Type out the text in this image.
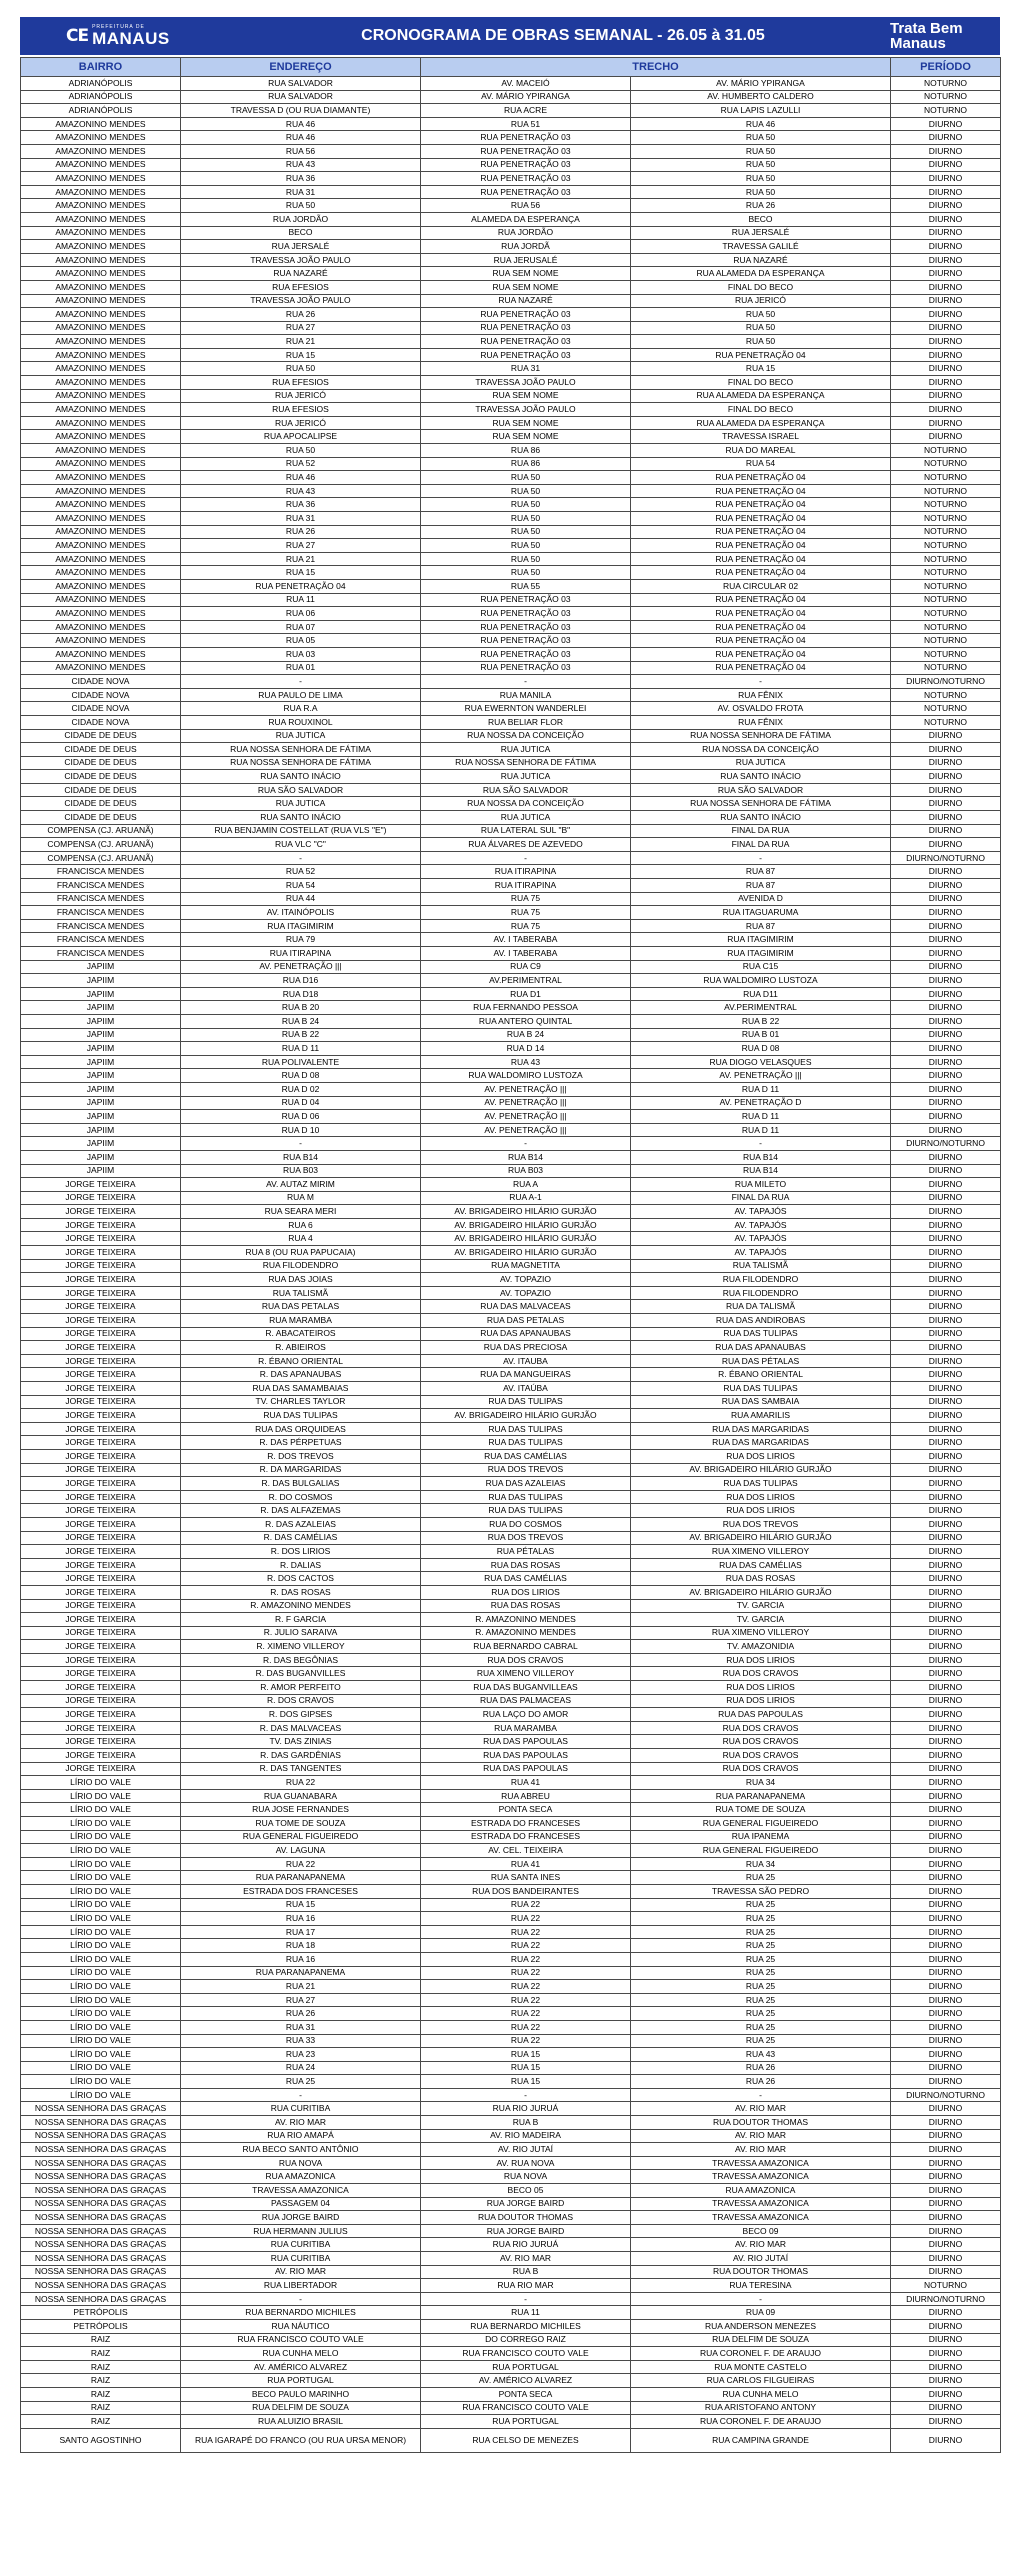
CE PREFEITURA DE
MANAUS	CRONOGRAMA DE OBRAS SEMANAL - 26.05 à 31.05	Trata Bem Manaus
BAIRRO	ENDEREÇO	TRECHO		PERÍODO
ADRIANÓPOLIS	RUA SALVADOR	AV. MACEIÓ	AV. MÁRIO YPIRANGA	NOTURNO
ADRIANÓPOLIS	RUA SALVADOR	AV. MÁRIO YPIRANGA	AV. HUMBERTO CALDERO	NOTURNO
ADRIANÓPOLIS	TRAVESSA D (OU RUA DIAMANTE)	RUA ACRE	RUA LAPIS LAZULLI	NOTURNO
AMAZONINO MENDES	RUA 46	RUA 51	RUA 46	DIURNO
AMAZONINO MENDES	RUA 46	RUA PENETRAÇÃO 03	RUA 50	DIURNO
AMAZONINO MENDES	RUA 56	RUA PENETRAÇÃO 03	RUA 50	DIURNO
AMAZONINO MENDES	RUA 43	RUA PENETRAÇÃO 03	RUA 50	DIURNO
AMAZONINO MENDES	RUA 36	RUA PENETRAÇÃO 03	RUA 50	DIURNO
AMAZONINO MENDES	RUA 31	RUA PENETRAÇÃO 03	RUA 50	DIURNO
AMAZONINO MENDES	RUA 50	RUA 56	RUA 26	DIURNO
AMAZONINO MENDES	RUA JORDÃO	ALAMEDA DA ESPERANÇA	BECO	DIURNO
AMAZONINO MENDES	BECO	RUA JORDÃO	RUA JERSALÉ	DIURNO
AMAZONINO MENDES	RUA JERSALÉ	RUA JORDÃ	TRAVESSA GALILÉ	DIURNO
AMAZONINO MENDES	TRAVESSA JOÃO PAULO	RUA JERUSALÉ	RUA NAZARÉ	DIURNO
AMAZONINO MENDES	RUA NAZARÉ	RUA SEM NOME	RUA ALAMEDA DA ESPERANÇA	DIURNO
AMAZONINO MENDES	RUA EFESIOS	RUA SEM NOME	FINAL DO BECO	DIURNO
AMAZONINO MENDES	TRAVESSA JOÃO PAULO	RUA NAZARÉ	RUA JERICÓ	DIURNO
AMAZONINO MENDES	RUA 26	RUA PENETRAÇÃO 03	RUA 50	DIURNO
AMAZONINO MENDES	RUA 27	RUA PENETRAÇÃO 03	RUA 50	DIURNO
AMAZONINO MENDES	RUA 21	RUA PENETRAÇÃO 03	RUA 50	DIURNO
AMAZONINO MENDES	RUA 15	RUA PENETRAÇÃO 03	RUA PENETRAÇÃO 04	DIURNO
AMAZONINO MENDES	RUA 50	RUA 31	RUA 15	DIURNO
AMAZONINO MENDES	RUA EFESIOS	TRAVESSA JOÃO PAULO	FINAL DO BECO	DIURNO
AMAZONINO MENDES	RUA JERICÓ	RUA SEM NOME	RUA ALAMEDA DA ESPERANÇA	DIURNO
AMAZONINO MENDES	RUA EFESIOS	TRAVESSA JOÃO PAULO	FINAL DO BECO	DIURNO
AMAZONINO MENDES	RUA JERICÓ	RUA SEM NOME	RUA ALAMEDA DA ESPERANÇA	DIURNO
AMAZONINO MENDES	RUA APOCALIPSE	RUA SEM NOME	TRAVESSA ISRAEL	DIURNO
AMAZONINO MENDES	RUA 50	RUA 86	RUA DO MAREAL	NOTURNO
AMAZONINO MENDES	RUA 52	RUA 86	RUA 54	NOTURNO
AMAZONINO MENDES	RUA 46	RUA 50	RUA PENETRAÇÃO 04	NOTURNO
AMAZONINO MENDES	RUA 43	RUA 50	RUA PENETRAÇÃO 04	NOTURNO
AMAZONINO MENDES	RUA 36	RUA 50	RUA PENETRAÇÃO 04	NOTURNO
AMAZONINO MENDES	RUA 31	RUA 50	RUA PENETRAÇÃO 04	NOTURNO
AMAZONINO MENDES	RUA 26	RUA 50	RUA PENETRAÇÃO 04	NOTURNO
AMAZONINO MENDES	RUA 27	RUA 50	RUA PENETRAÇÃO 04	NOTURNO
AMAZONINO MENDES	RUA 21	RUA 50	RUA PENETRAÇÃO 04	NOTURNO
AMAZONINO MENDES	RUA 15	RUA 50	RUA PENETRAÇÃO 04	NOTURNO
AMAZONINO MENDES	RUA PENETRAÇÃO 04	RUA 55	RUA CIRCULAR 02	NOTURNO
AMAZONINO MENDES	RUA 11	RUA PENETRAÇÃO 03	RUA PENETRAÇÃO 04	NOTURNO
AMAZONINO MENDES	RUA 06	RUA PENETRAÇÃO 03	RUA PENETRAÇÃO 04	NOTURNO
AMAZONINO MENDES	RUA 07	RUA PENETRAÇÃO 03	RUA PENETRAÇÃO 04	NOTURNO
AMAZONINO MENDES	RUA 05	RUA PENETRAÇÃO 03	RUA PENETRAÇÃO 04	NOTURNO
AMAZONINO MENDES	RUA 03	RUA PENETRAÇÃO 03	RUA PENETRAÇÃO 04	NOTURNO
AMAZONINO MENDES	RUA 01	RUA PENETRAÇÃO 03	RUA PENETRAÇÃO 04	NOTURNO
CIDADE NOVA	-	-	-	DIURNO/NOTURNO
CIDADE NOVA	RUA PAULO DE LIMA	RUA MANILA	RUA FÊNIX	NOTURNO
CIDADE NOVA	RUA R.A	RUA EWERNTON WANDERLEI	AV. OSVALDO FROTA	NOTURNO
CIDADE NOVA	RUA ROUXINOL	RUA BELIAR FLOR	RUA FÊNIX	NOTURNO
CIDADE DE DEUS	RUA JUTICA	RUA NOSSA DA CONCEIÇÃO	RUA NOSSA SENHORA DE FÁTIMA	DIURNO
CIDADE DE DEUS	RUA NOSSA SENHORA DE FÁTIMA	RUA JUTICA	RUA NOSSA DA CONCEIÇÃO	DIURNO
CIDADE DE DEUS	RUA NOSSA SENHORA DE FÁTIMA	RUA NOSSA SENHORA DE FÁTIMA	RUA JUTICA	DIURNO
CIDADE DE DEUS	RUA SANTO INÁCIO	RUA JUTICA	RUA SANTO INÁCIO	DIURNO
CIDADE DE DEUS	RUA SÃO SALVADOR	RUA SÃO SALVADOR	RUA SÃO SALVADOR	DIURNO
CIDADE DE DEUS	RUA JUTICA	RUA NOSSA DA CONCEIÇÃO	RUA NOSSA SENHORA DE FÁTIMA	DIURNO
CIDADE DE DEUS	RUA SANTO INÁCIO	RUA JUTICA	RUA SANTO INÁCIO	DIURNO
COMPENSA (CJ. ARUANÃ)	RUA BENJAMIN COSTELLAT (RUA VLS "E")	RUA LATERAL SUL "B"	FINAL DA RUA	DIURNO
COMPENSA (CJ. ARUANÃ)	RUA VLC "C"	RUA ÁLVARES DE AZEVEDO	FINAL DA RUA	DIURNO
COMPENSA (CJ. ARUANÃ)	-	-	-	DIURNO/NOTURNO
FRANCISCA MENDES	RUA 52	RUA ITIRAPINA	RUA 87	DIURNO
FRANCISCA MENDES	RUA 54	RUA ITIRAPINA	RUA 87	DIURNO
FRANCISCA MENDES	RUA 44	RUA 75	AVENIDA D	DIURNO
FRANCISCA MENDES	AV. ITAINÓPOLIS	RUA 75	RUA ITAGUARUMA	DIURNO
FRANCISCA MENDES	RUA ITAGIMIRIM	RUA 75	RUA 87	DIURNO
FRANCISCA MENDES	RUA 79	AV. I TABERABA	RUA ITAGIMIRIM	DIURNO
FRANCISCA MENDES	RUA ITIRAPINA	AV. I TABERABA	RUA ITAGIMIRIM	DIURNO
JAPIIM	AV. PENETRAÇÃO |||	RUA C9	RUA C15	DIURNO
JAPIIM	RUA D16	AV.PERIMENTRAL	RUA WALDOMIRO LUSTOZA	DIURNO
JAPIIM	RUA D18	RUA D1	RUA D11	DIURNO
JAPIIM	RUA B 20	RUA FERNANDO PESSOA	AV.PERIMENTRAL	DIURNO
JAPIIM	RUA B 24	RUA ANTERO QUINTAL	RUA B 22	DIURNO
JAPIIM	RUA B 22	RUA B 24	RUA B 01	DIURNO
JAPIIM	RUA D 11	RUA D 14	RUA D 08	DIURNO
JAPIIM	RUA POLIVALENTE	RUA 43	RUA DIOGO VELASQUES	DIURNO
JAPIIM	RUA D 08	RUA WALDOMIRO LUSTOZA	AV. PENETRAÇÃO |||	DIURNO
JAPIIM	RUA D 02	AV. PENETRAÇÃO |||	RUA D 11	DIURNO
JAPIIM	RUA D 04	AV. PENETRAÇÃO |||	AV. PENETRAÇÃO D	DIURNO
JAPIIM	RUA D 06	AV. PENETRAÇÃO |||	RUA D 11	DIURNO
JAPIIM	RUA D 10	AV. PENETRAÇÃO |||	RUA D 11	DIURNO
JAPIIM	-	-	-	DIURNO/NOTURNO
JAPIIM	RUA B14	RUA B14	RUA B14	DIURNO
JAPIIM	RUA B03	RUA B03	RUA B14	DIURNO
JORGE TEIXEIRA	AV. AUTAZ MIRIM	RUA A	RUA MILETO	DIURNO
JORGE TEIXEIRA	RUA M	RUA A-1	FINAL DA RUA	DIURNO
JORGE TEIXEIRA	RUA SEARA MERI	AV. BRIGADEIRO HILÁRIO GURJÃO	AV. TAPAJÓS	DIURNO
JORGE TEIXEIRA	RUA 6	AV. BRIGADEIRO HILÁRIO GURJÃO	AV. TAPAJÓS	DIURNO
JORGE TEIXEIRA	RUA 4	AV. BRIGADEIRO HILÁRIO GURJÃO	AV. TAPAJÓS	DIURNO
JORGE TEIXEIRA	RUA 8 (OU RUA PAPUCAIA)	AV. BRIGADEIRO HILÁRIO GURJÃO	AV. TAPAJÓS	DIURNO
JORGE TEIXEIRA	RUA FILODENDRO	RUA MAGNETITA	RUA TALISMÃ	DIURNO
JORGE TEIXEIRA	RUA DAS JOIAS	AV. TOPAZIO	RUA FILODENDRO	DIURNO
JORGE TEIXEIRA	RUA TALISMÃ	AV. TOPAZIO	RUA FILODENDRO	DIURNO
JORGE TEIXEIRA	RUA DAS PETALAS	RUA DAS MALVACEAS	RUA DA TALISMÃ	DIURNO
JORGE TEIXEIRA	RUA MARAMBA	RUA DAS PETALAS	RUA DAS ANDIROBAS	DIURNO
JORGE TEIXEIRA	R. ABACATEIROS	RUA DAS APANAUBAS	RUA DAS TULIPAS	DIURNO
JORGE TEIXEIRA	R. ABIEIROS	RUA DAS PRECIOSA	RUA DAS APANAUBAS	DIURNO
JORGE TEIXEIRA	R. ÉBANO ORIENTAL	AV. ITAUBA	RUA DAS PÉTALAS	DIURNO
JORGE TEIXEIRA	R. DAS APANAUBAS	RUA DA MANGUEIRAS	R. ÉBANO ORIENTAL	DIURNO
JORGE TEIXEIRA	RUA DAS SAMAMBAIAS	AV. ITAÚBA	RUA DAS TULIPAS	DIURNO
JORGE TEIXEIRA	TV. CHARLES TAYLOR	RUA DAS TULIPAS	RUA DAS SAMBAIA	DIURNO
JORGE TEIXEIRA	RUA DAS TULIPAS	AV. BRIGADEIRO HILÁRIO GURJÃO	RUA AMARILIS	DIURNO
JORGE TEIXEIRA	RUA DAS ORQUIDEAS	RUA DAS TULIPAS	RUA DAS MARGARIDAS	DIURNO
JORGE TEIXEIRA	R. DAS PÉRPETUAS	RUA DAS TULIPAS	RUA DAS MARGARIDAS	DIURNO
JORGE TEIXEIRA	R. DOS TREVOS	RUA DAS CAMÉLIAS	RUA DOS LIRIOS	DIURNO
JORGE TEIXEIRA	R. DA MARGARIDAS	RUA DOS TREVOS	AV. BRIGADEIRO HILÁRIO GURJÃO	DIURNO
JORGE TEIXEIRA	R. DAS BULGALIAS	RUA DAS AZALEIAS	RUA DAS TULIPAS	DIURNO
JORGE TEIXEIRA	R. DO COSMOS	RUA DAS TULIPAS	RUA DOS LIRIOS	DIURNO
JORGE TEIXEIRA	R. DAS ALFAZEMAS	RUA DAS TULIPAS	RUA DOS LIRIOS	DIURNO
JORGE TEIXEIRA	R. DAS AZALEIAS	RUA DO COSMOS	RUA DOS TREVOS	DIURNO
JORGE TEIXEIRA	R. DAS CAMÉLIAS	RUA DOS TREVOS	AV. BRIGADEIRO HILÁRIO GURJÃO	DIURNO
JORGE TEIXEIRA	R. DOS LIRIOS	RUA PÉTALAS	RUA XIMENO VILLEROY	DIURNO
JORGE TEIXEIRA	R. DALIAS	RUA DAS ROSAS	RUA DAS CAMÉLIAS	DIURNO
JORGE TEIXEIRA	R. DOS CACTOS	RUA DAS CAMÉLIAS	RUA DAS ROSAS	DIURNO
JORGE TEIXEIRA	R. DAS ROSAS	RUA DOS LIRIOS	AV. BRIGADEIRO HILÁRIO GURJÃO	DIURNO
JORGE TEIXEIRA	R. AMAZONINO MENDES	RUA DAS ROSAS	TV. GARCIA	DIURNO
JORGE TEIXEIRA	R. F GARCIA	R. AMAZONINO MENDES	TV. GARCIA	DIURNO
JORGE TEIXEIRA	R. JULIO SARAIVA	R. AMAZONINO MENDES	RUA XIMENO VILLEROY	DIURNO
JORGE TEIXEIRA	R. XIMENO VILLEROY	RUA BERNARDO CABRAL	TV. AMAZONIDIA	DIURNO
JORGE TEIXEIRA	R. DAS BEGÔNIAS	RUA DOS CRAVOS	RUA DOS LIRIOS	DIURNO
JORGE TEIXEIRA	R. DAS BUGANVILLES	RUA XIMENO VILLEROY	RUA DOS CRAVOS	DIURNO
JORGE TEIXEIRA	R. AMOR PERFEITO	RUA DAS BUGANVILLEAS	RUA DOS LIRIOS	DIURNO
JORGE TEIXEIRA	R. DOS CRAVOS	RUA DAS PALMACEAS	RUA DOS LIRIOS	DIURNO
JORGE TEIXEIRA	R. DOS GIPSES	RUA LAÇO DO AMOR	RUA DAS PAPOULAS	DIURNO
JORGE TEIXEIRA	R. DAS MALVACEAS	RUA MARAMBA	RUA DOS CRAVOS	DIURNO
JORGE TEIXEIRA	TV. DAS ZINIAS	RUA DAS PAPOULAS	RUA DOS CRAVOS	DIURNO
JORGE TEIXEIRA	R. DAS GARDÊNIAS	RUA DAS PAPOULAS	RUA DOS CRAVOS	DIURNO
JORGE TEIXEIRA	R. DAS TANGENTES	RUA DAS PAPOULAS	RUA DOS CRAVOS	DIURNO
LÍRIO DO VALE	RUA 22	RUA 41	RUA 34	DIURNO
LÍRIO DO VALE	RUA GUANABARA	RUA ABREU	RUA PARANAPANEMA	DIURNO
LÍRIO DO VALE	RUA JOSE FERNANDES	PONTA SECA	RUA TOME DE SOUZA	DIURNO
LÍRIO DO VALE	RUA TOME DE SOUZA	ESTRADA DO FRANCESES	RUA GENERAL FIGUEIREDO	DIURNO
LÍRIO DO VALE	RUA GENERAL FIGUEIREDO	ESTRADA DO FRANCESES	RUA IPANEMA	DIURNO
LÍRIO DO VALE	AV. LAGUNA	AV. CEL. TEIXEIRA	RUA GENERAL FIGUEIREDO	DIURNO
LÍRIO DO VALE	RUA 22	RUA 41	RUA 34	DIURNO
LÍRIO DO VALE	RUA PARANAPANEMA	RUA SANTA INES	RUA 25	DIURNO
LÍRIO DO VALE	ESTRADA DOS FRANCESES	RUA DOS BANDEIRANTES	TRAVESSA SÃO PEDRO	DIURNO
LÍRIO DO VALE	RUA 15	RUA 22	RUA 25	DIURNO
LÍRIO DO VALE	RUA 16	RUA 22	RUA 25	DIURNO
LÍRIO DO VALE	RUA 17	RUA 22	RUA 25	DIURNO
LÍRIO DO VALE	RUA 18	RUA 22	RUA 25	DIURNO
LÍRIO DO VALE	RUA 16	RUA 22	RUA 25	DIURNO
LÍRIO DO VALE	RUA PARANAPANEMA	RUA 22	RUA 25	DIURNO
LÍRIO DO VALE	RUA 21	RUA 22	RUA 25	DIURNO
LÍRIO DO VALE	RUA 27	RUA 22	RUA 25	DIURNO
LÍRIO DO VALE	RUA 26	RUA 22	RUA 25	DIURNO
LÍRIO DO VALE	RUA 31	RUA 22	RUA 25	DIURNO
LÍRIO DO VALE	RUA 33	RUA 22	RUA 25	DIURNO
LÍRIO DO VALE	RUA 23	RUA 15	RUA 43	DIURNO
LÍRIO DO VALE	RUA 24	RUA 15	RUA 26	DIURNO
LÍRIO DO VALE	RUA 25	RUA 15	RUA 26	DIURNO
LÍRIO DO VALE	-	-	-	DIURNO/NOTURNO
NOSSA SENHORA DAS GRAÇAS	RUA CURITIBA	RUA RIO JURUÁ	AV. RIO MAR	DIURNO
NOSSA SENHORA DAS GRAÇAS	AV. RIO MAR	RUA B	RUA DOUTOR THOMAS	DIURNO
NOSSA SENHORA DAS GRAÇAS	RUA RIO AMAPÁ	AV. RIO MADEIRA	AV. RIO MAR	DIURNO
NOSSA SENHORA DAS GRAÇAS	RUA BECO SANTO ANTÔNIO	AV. RIO JUTAÍ	AV. RIO MAR	DIURNO
NOSSA SENHORA DAS GRAÇAS	RUA NOVA	AV. RUA NOVA	TRAVESSA AMAZONICA	DIURNO
NOSSA SENHORA DAS GRAÇAS	RUA AMAZONICA	RUA NOVA	TRAVESSA AMAZONICA	DIURNO
NOSSA SENHORA DAS GRAÇAS	TRAVESSA AMAZONICA	BECO 05	RUA AMAZONICA	DIURNO
NOSSA SENHORA DAS GRAÇAS	PASSAGEM 04	RUA JORGE BAIRD	TRAVESSA AMAZONICA	DIURNO
NOSSA SENHORA DAS GRAÇAS	RUA JORGE BAIRD	RUA DOUTOR THOMAS	TRAVESSA AMAZONICA	DIURNO
NOSSA SENHORA DAS GRAÇAS	RUA HERMANN JULIUS	RUA JORGE BAIRD	BECO 09	DIURNO
NOSSA SENHORA DAS GRAÇAS	RUA CURITIBA	RUA RIO JURUÁ	AV. RIO MAR	DIURNO
NOSSA SENHORA DAS GRAÇAS	RUA CURITIBA	AV. RIO MAR	AV. RIO JUTAÍ	DIURNO
NOSSA SENHORA DAS GRAÇAS	AV. RIO MAR	RUA B	RUA DOUTOR THOMAS	DIURNO
NOSSA SENHORA DAS GRAÇAS	RUA LIBERTADOR	RUA RIO MAR	RUA TERESINA	NOTURNO
NOSSA SENHORA DAS GRAÇAS	-	-	-	DIURNO/NOTURNO
PETRÓPOLIS	RUA BERNARDO MICHILES	RUA 11	RUA 09	DIURNO
PETRÓPOLIS	RUA NÁUTICO	RUA BERNARDO MICHILES	RUA ANDERSON MENEZES	DIURNO
RAIZ	RUA FRANCISCO COUTO VALE	DO CORREGO RAIZ	RUA DELFIM DE SOUZA	DIURNO
RAIZ	RUA CUNHA MELO	RUA FRANCISCO COUTO VALE	RUA CORONEL F. DE ARAUJO	DIURNO
RAIZ	AV. AMÉRICO ALVAREZ	RUA PORTUGAL	RUA MONTE CASTELO	DIURNO
RAIZ	RUA PORTUGAL	AV. AMÉRICO ALVAREZ	RUA CARLOS FILGUEIRAS	DIURNO
RAIZ	BECO PAULO MARINHO	PONTA SECA	RUA CUNHA MELO	DIURNO
RAIZ	RUA DELFIM DE SOUZA	RUA FRANCISCO COUTO VALE	RUA ARISTOFANO ANTONY	DIURNO
RAIZ	RUA ALUIZIO BRASIL	RUA PORTUGAL	RUA CORONEL F. DE ARAUJO	DIURNO
SANTO AGOSTINHO	RUA IGARAPÉ DO FRANCO (OU RUA URSA MENOR)	RUA CELSO DE MENEZES	RUA CAMPINA GRANDE	DIURNO
